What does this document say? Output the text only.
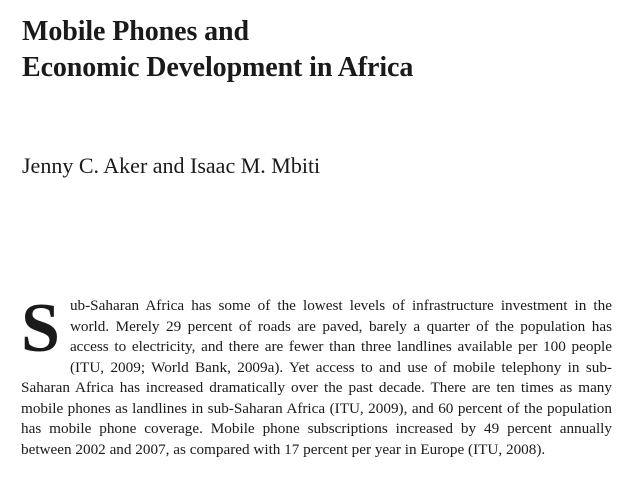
Mobile Phones and
Economic Development in Africa
Jenny C. Aker and Isaac M. Mbiti

Sub-Saharan Africa has some of the lowest levels of infrastructure investment in the world. Merely 29 percent of roads are paved, barely a quarter of the population has access to electricity, and there are fewer than three landlines available per 100 people (ITU, 2009; World Bank, 2009a). Yet access to and use of mobile telephony in sub-Saharan Africa has increased dramatically over the past decade. There are ten times as many mobile phones as landlines in sub-Saharan Africa (ITU, 2009), and 60 percent of the population has mobile phone coverage. Mobile phone subscriptions increased by 49 percent annually between 2002 and 2007, as compared with 17 percent per year in Europe (ITU, 2008).
